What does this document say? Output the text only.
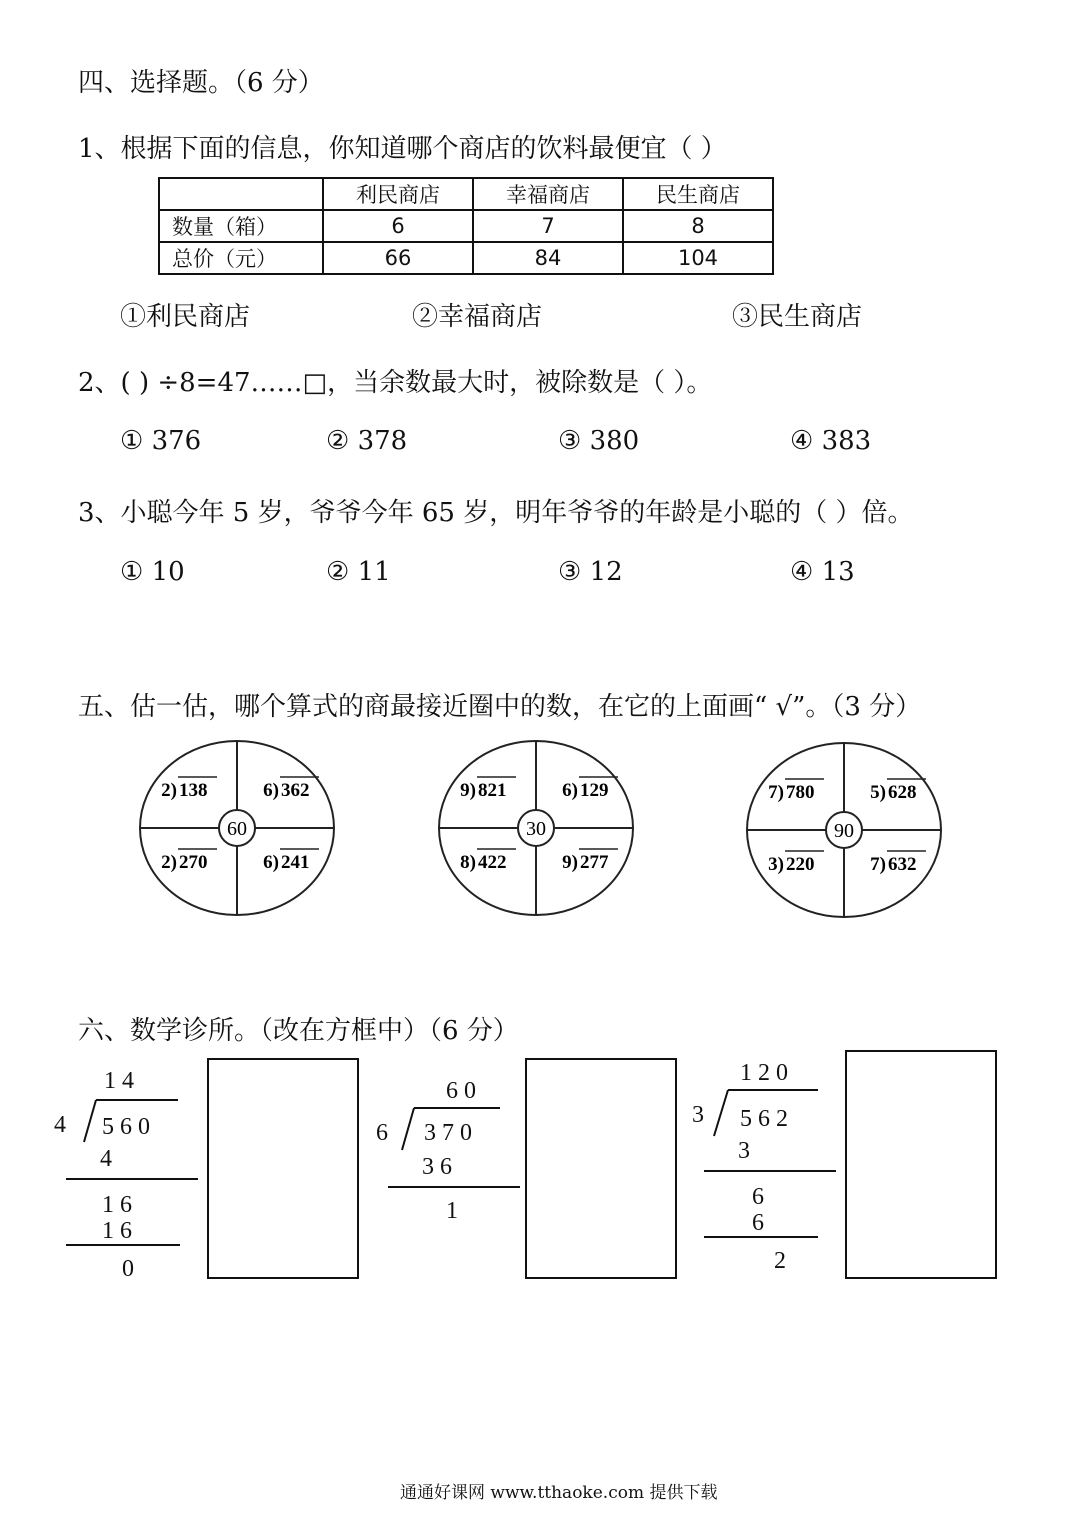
四、选择题。（6 分）
1、根据下面的信息，你知道哪个商店的饮料最便宜（ ）
	利民商店	幸福商店	民生商店
数量（箱）	6	7	8
总价（元）	66	84	104
①利民商店	②幸福商店	③民生商店
2、( ) ÷8=47……□，当余数最大时，被除数是（ ）。
① 376	② 378	③ 380	④ 383
3、小聪今年 5 岁，爷爷今年 65 岁，明年爷爷的年龄是小聪的（ ）倍。
① 10	② 11	③ 12	④ 13
五、估一估，哪个算式的商最接近圈中的数，在它的上面画“ √”。（3 分）
60
2) 138	6) 362
2) 270	6) 241
30
9) 821	6) 129
8) 422	9) 277
90
7) 780	5) 628
3) 220	7) 632
六、数学诊所。（改在方框中）（6 分）
14
4 560
4
16
16
0
60
6 370
36
1
120
3 562
3
6
6
2
通通好课网 www.tthaoke.com 提供下载
